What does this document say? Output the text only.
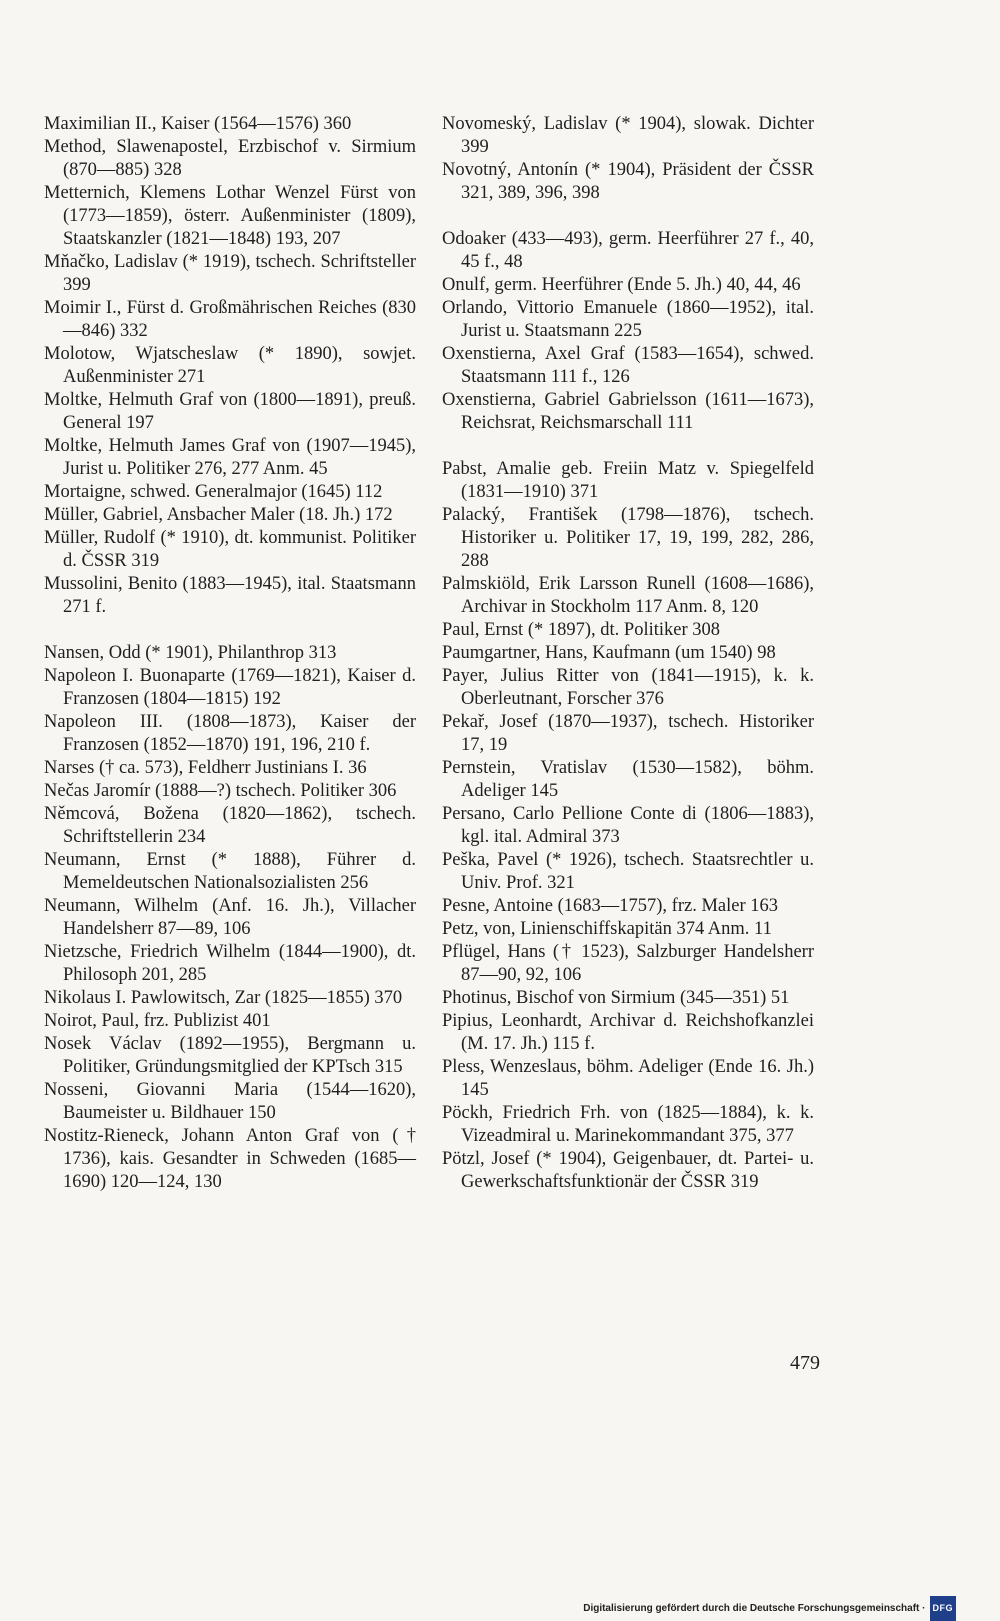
Maximilian II., Kaiser (1564—1576) 360
Method, Slawenapostel, Erzbischof v. Sirmium (870—885) 328
Metternich, Klemens Lothar Wenzel Fürst von (1773—1859), österr. Außenminister (1809), Staatskanzler (1821—1848) 193, 207
Mňačko, Ladislav (* 1919), tschech. Schriftsteller 399
Moimir I., Fürst d. Großmährischen Reiches (830—846) 332
Molotow, Wjatscheslaw (* 1890), sowjet. Außenminister 271
Moltke, Helmuth Graf von (1800—1891), preuß. General 197
Moltke, Helmuth James Graf von (1907—1945), Jurist u. Politiker 276, 277 Anm. 45
Mortaigne, schwed. Generalmajor (1645) 112
Müller, Gabriel, Ansbacher Maler (18. Jh.) 172
Müller, Rudolf (* 1910), dt. kommunist. Politiker d. ČSSR 319
Mussolini, Benito (1883—1945), ital. Staatsmann 271 f.
Nansen, Odd (* 1901), Philanthrop 313
Napoleon I. Buonaparte (1769—1821), Kaiser d. Franzosen (1804—1815) 192
Napoleon III. (1808—1873), Kaiser der Franzosen (1852—1870) 191, 196, 210 f.
Narses († ca. 573), Feldherr Justinians I. 36
Nečas Jaromír (1888—?) tschech. Politiker 306
Němcová, Božena (1820—1862), tschech. Schriftstellerin 234
Neumann, Ernst (* 1888), Führer d. Memeldeutschen Nationalsozialisten 256
Neumann, Wilhelm (Anf. 16. Jh.), Villacher Handelsherr 87—89, 106
Nietzsche, Friedrich Wilhelm (1844—1900), dt. Philosoph 201, 285
Nikolaus I. Pawlowitsch, Zar (1825—1855) 370
Noirot, Paul, frz. Publizist 401
Nosek Václav (1892—1955), Bergmann u. Politiker, Gründungsmitglied der KPTsch 315
Nosseni, Giovanni Maria (1544—1620), Baumeister u. Bildhauer 150
Nostitz-Rieneck, Johann Anton Graf von († 1736), kais. Gesandter in Schweden (1685—1690) 120—124, 130
Novomeský, Ladislav (* 1904), slowak. Dichter 399
Novotný, Antonín (* 1904), Präsident der ČSSR 321, 389, 396, 398
Odoaker (433—493), germ. Heerführer 27 f., 40, 45 f., 48
Onulf, germ. Heerführer (Ende 5. Jh.) 40, 44, 46
Orlando, Vittorio Emanuele (1860—1952), ital. Jurist u. Staatsmann 225
Oxenstierna, Axel Graf (1583—1654), schwed. Staatsmann 111 f., 126
Oxenstierna, Gabriel Gabrielsson (1611—1673), Reichsrat, Reichsmarschall 111
Pabst, Amalie geb. Freiin Matz v. Spiegelfeld (1831—1910) 371
Palacký, František (1798—1876), tschech. Historiker u. Politiker 17, 19, 199, 282, 286, 288
Palmskiöld, Erik Larsson Runell (1608—1686), Archivar in Stockholm 117 Anm. 8, 120
Paul, Ernst (* 1897), dt. Politiker 308
Paumgartner, Hans, Kaufmann (um 1540) 98
Payer, Julius Ritter von (1841—1915), k. k. Oberleutnant, Forscher 376
Pekař, Josef (1870—1937), tschech. Historiker 17, 19
Pernstein, Vratislav (1530—1582), böhm. Adeliger 145
Persano, Carlo Pellione Conte di (1806—1883), kgl. ital. Admiral 373
Peška, Pavel (* 1926), tschech. Staatsrechtler u. Univ. Prof. 321
Pesne, Antoine (1683—1757), frz. Maler 163
Petz, von, Linienschiffskapitän 374 Anm. 11
Pflügel, Hans († 1523), Salzburger Handelsherr 87—90, 92, 106
Photinus, Bischof von Sirmium (345—351) 51
Pipius, Leonhardt, Archivar d. Reichshofkanzlei (M. 17. Jh.) 115 f.
Pless, Wenzeslaus, böhm. Adeliger (Ende 16. Jh.) 145
Pöckh, Friedrich Frh. von (1825—1884), k. k. Vizeadmiral u. Marinekommandant 375, 377
Pötzl, Josef (* 1904), Geigenbauer, dt. Partei- u. Gewerkschaftsfunktionär der ČSSR 319
479
Digitalisierung gefördert durch die Deutsche Forschungsgemeinschaft · DFG
